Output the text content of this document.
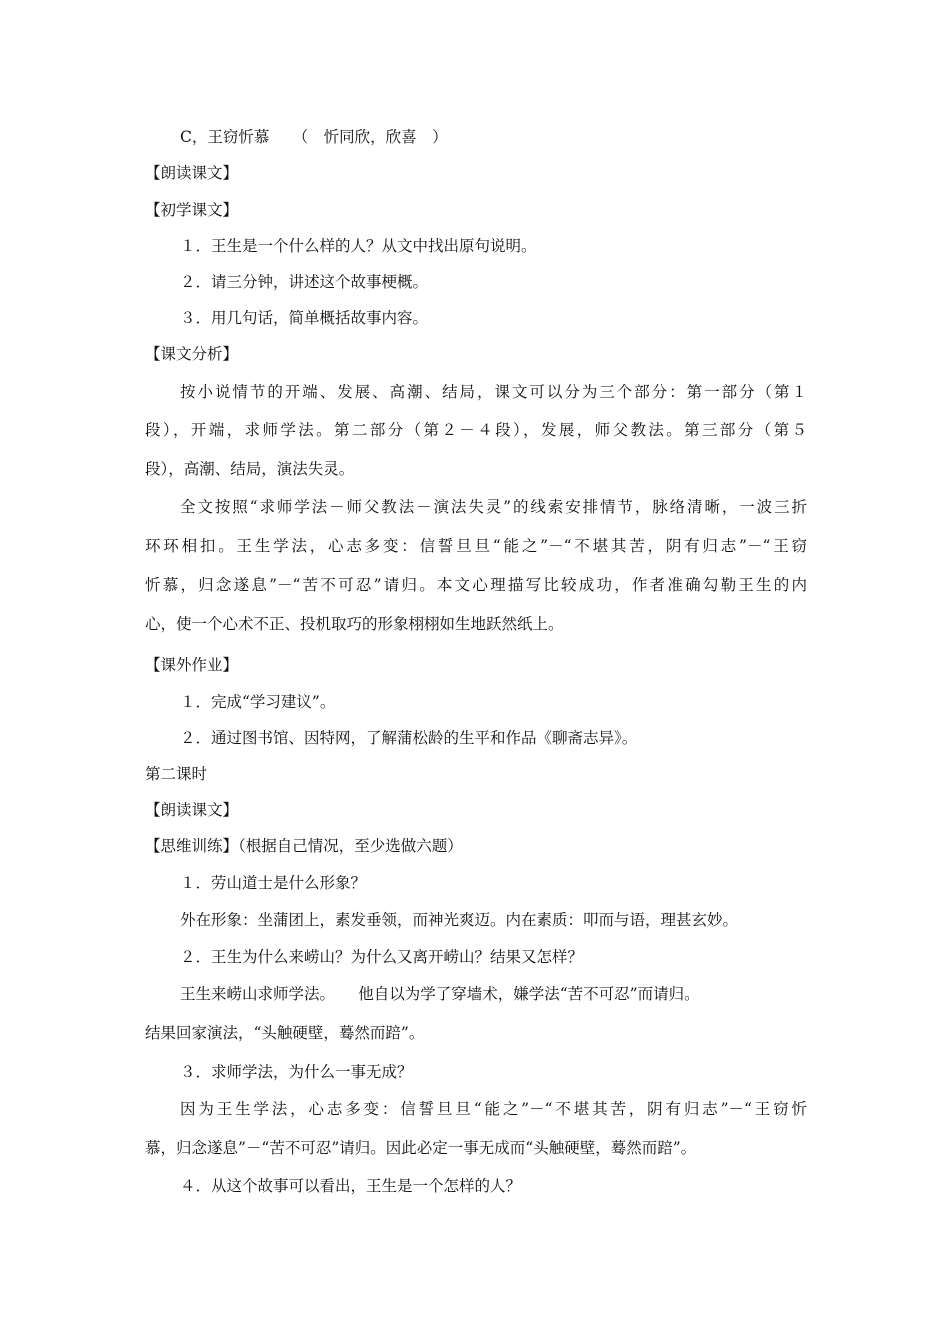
C，王窃忻慕　　（　忻同欣，欣喜　）
【朗读课文】
【初学课文】
１．王生是一个什么样的人？从文中找出原句说明。
２．请三分钟，讲述这个故事梗概。
３．用几句话，简单概括故事内容。
【课文分析】
按小说情节的开端、发展、高潮、结局，课文可以分为三个部分：第一部分（第１
段），开端，求师学法。第二部分（第２－４段），发展，师父教法。第三部分（第５
段），高潮、结局，演法失灵。
全文按照“求师学法－师父教法－演法失灵”的线索安排情节，脉络清晰，一波三折
环环相扣。王生学法，心志多变：信誓旦旦“能之”－“不堪其苦，阴有归志”－“王窃
忻慕，归念遂息”－“苦不可忍”请归。本文心理描写比较成功，作者准确勾勒王生的内
心，使一个心术不正、投机取巧的形象栩栩如生地跃然纸上。
【课外作业】
１．完成“学习建议”。
２．通过图书馆、因特网，了解蒲松龄的生平和作品《聊斋志异》。
第二课时
【朗读课文】
【思维训练】（根据自己情况，至少选做六题）
１．劳山道士是什么形象？
外在形象：坐蒲团上，素发垂领，而神光爽迈。内在素质：叩而与语，理甚玄妙。
２．王生为什么来崂山？为什么又离开崂山？结果又怎样？
王生来崂山求师学法。　　他自以为学了穿墙术，嫌学法“苦不可忍”而请归。
结果回家演法，“头触硬壁，蓦然而踣”。
３．求师学法，为什么一事无成？
因为王生学法，心志多变：信誓旦旦“能之”－“不堪其苦，阴有归志”－“王窃忻
慕，归念遂息”－“苦不可忍”请归。因此必定一事无成而“头触硬壁，蓦然而踣”。
４．从这个故事可以看出，王生是一个怎样的人？
